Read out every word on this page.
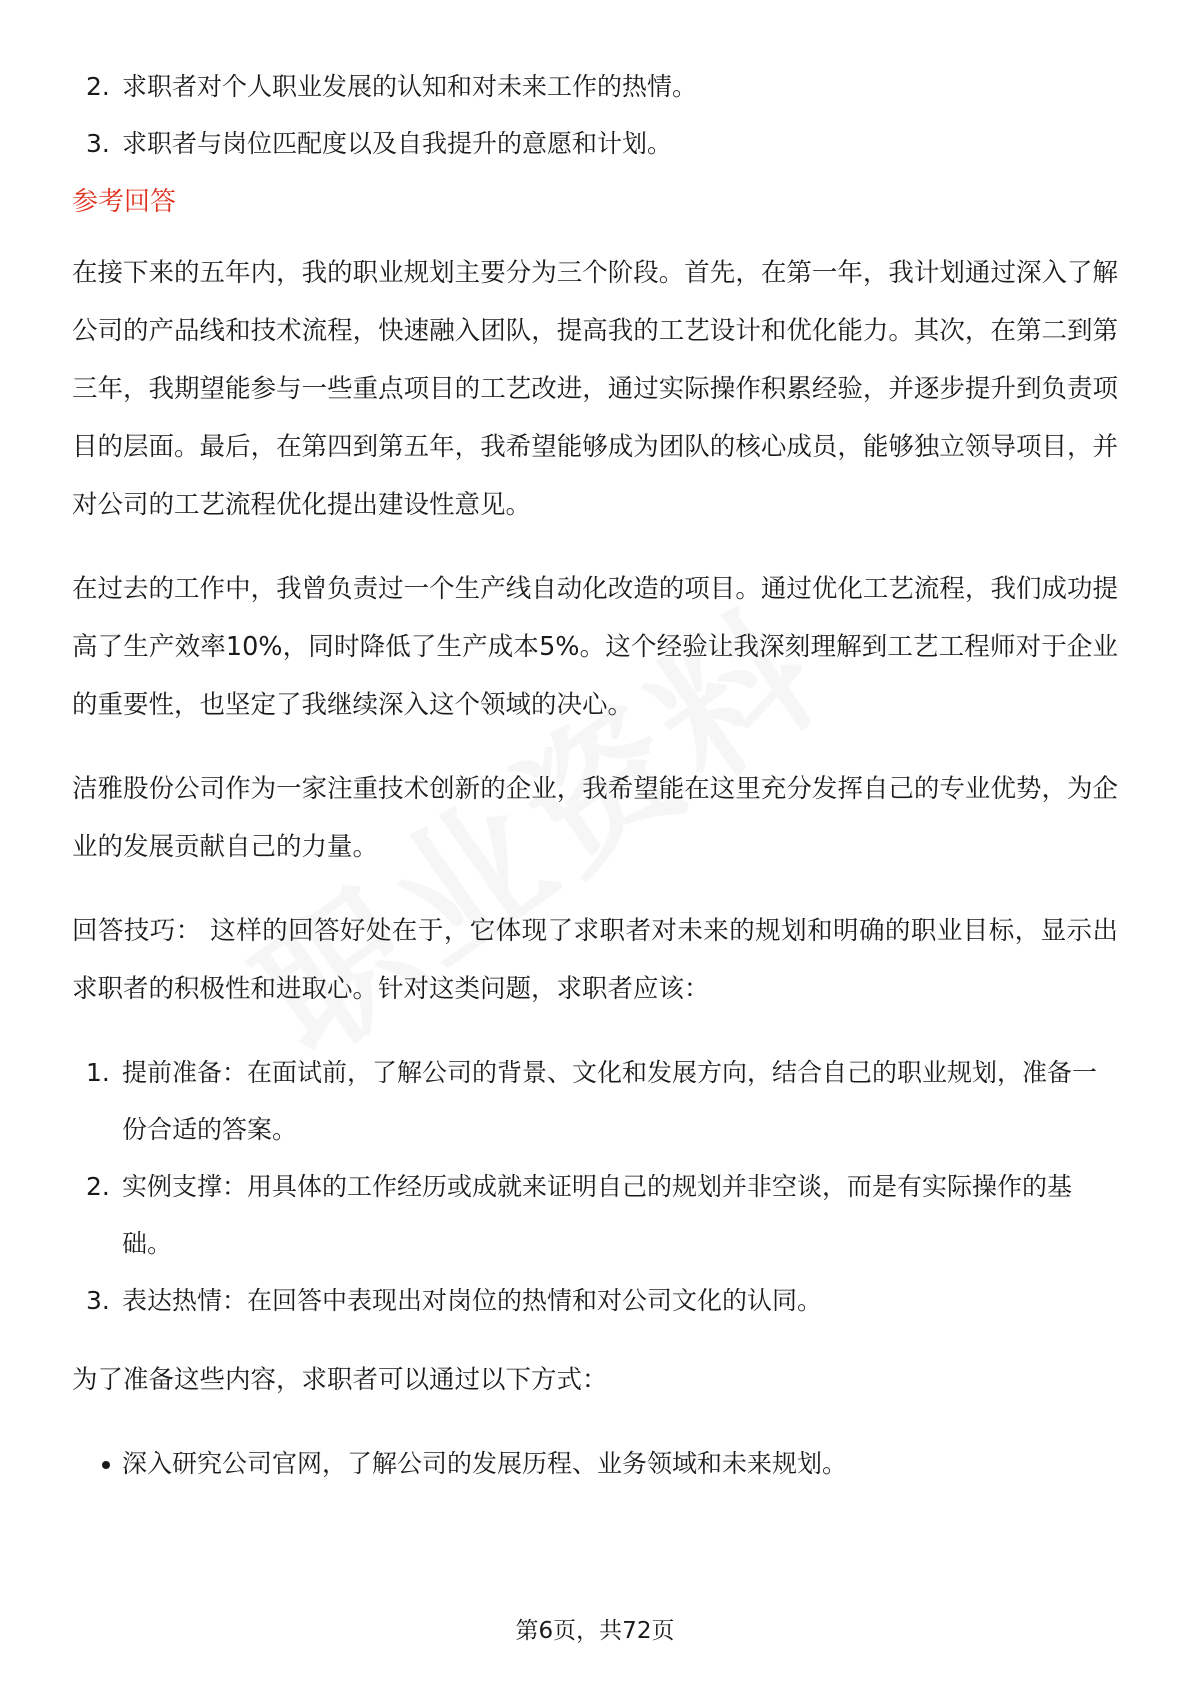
2. 求职者对个人职业发展的认知和对未来工作的热情。
3. 求职者与岗位匹配度以及自我提升的意愿和计划。
参考回答

在接下来的五年内，我的职业规划主要分为三个阶段。首先，在第一年，我计划通过深入了解公司的产品线和技术流程，快速融入团队，提高我的工艺设计和优化能力。其次，在第二到第三年，我期望能参与一些重点项目的工艺改进，通过实际操作积累经验，并逐步提升到负责项目的层面。最后，在第四到第五年，我希望能够成为团队的核心成员，能够独立领导项目，并对公司的工艺流程优化提出建设性意见。

在过去的工作中，我曾负责过一个生产线自动化改造的项目。通过优化工艺流程，我们成功提高了生产效率10%，同时降低了生产成本5%。这个经验让我深刻理解到工艺工程师对于企业的重要性，也坚定了我继续深入这个领域的决心。

洁雅股份公司作为一家注重技术创新的企业，我希望能在这里充分发挥自己的专业优势，为企业的发展贡献自己的力量。

回答技巧： 这样的回答好处在于，它体现了求职者对未来的规划和明确的职业目标，显示出求职者的积极性和进取心。针对这类问题，求职者应该：

1. 提前准备：在面试前，了解公司的背景、文化和发展方向，结合自己的职业规划，准备一份合适的答案。
2. 实例支撑：用具体的工作经历或成就来证明自己的规划并非空谈，而是有实际操作的基础。
3. 表达热情：在回答中表现出对岗位的热情和对公司文化的认同。

为了准备这些内容，求职者可以通过以下方式：

深入研究公司官网，了解公司的发展历程、业务领域和未来规划。
第6页，共72页
